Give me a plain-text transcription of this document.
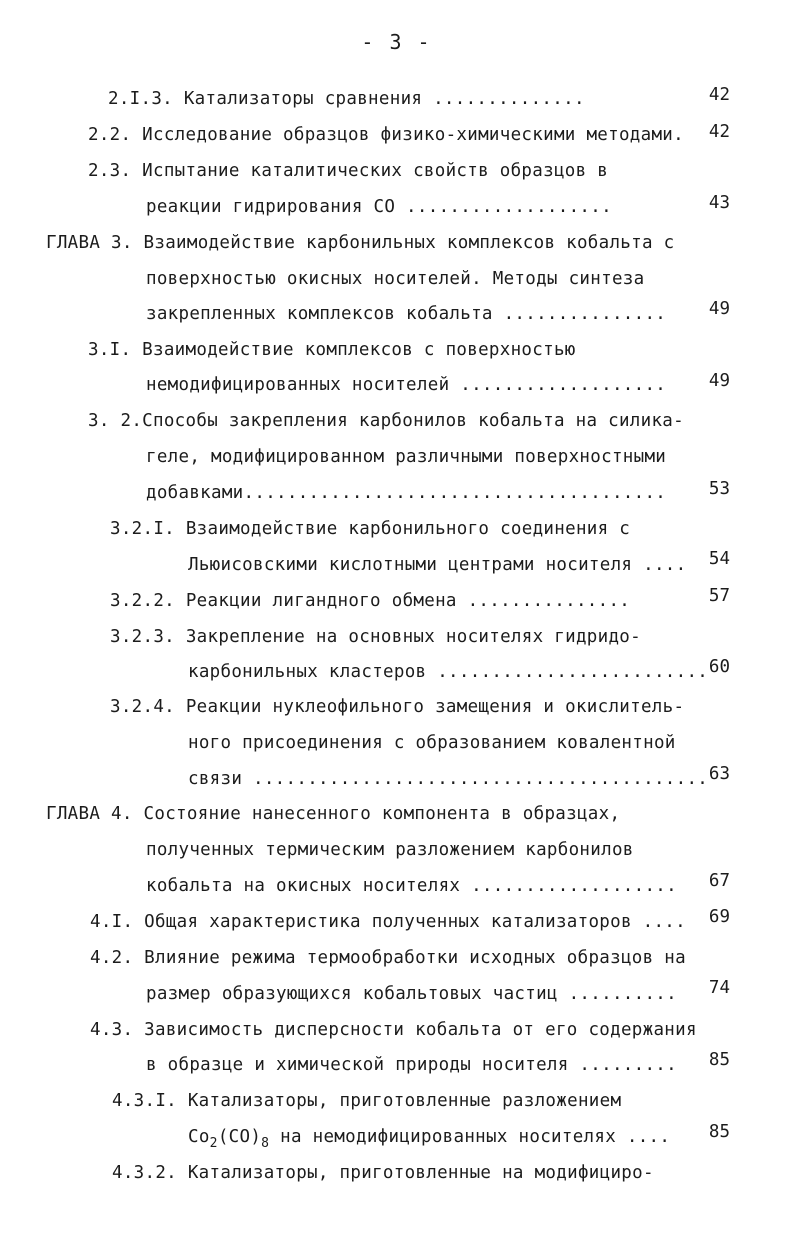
- 3 -
2.I.3. Катализаторы сравнения ..............	42
2.2. Исследование образцов физико-химическими методами.	42
2.3. Испытание каталитических свойств образцов в
реакции гидрирования СО ...................	43
ГЛАВА 3. Взаимодействие карбонильных комплексов кобальта с
поверхностью окисных носителей. Методы синтеза
закрепленных комплексов кобальта ...............	49
3.I. Взаимодействие комплексов с поверхностью
немодифицированных носителей ...................	49
3. 2.Способы закрепления карбонилов кобальта на силика-
геле, модифицированном различными поверхностными
добавками.......................................	53
3.2.I. Взаимодействие карбонильного соединения с
Льюисовскими кислотными центрами носителя ....	54
3.2.2. Реакции лигандного обмена ...............	57
3.2.3. Закрепление на основных носителях гидридо-
карбонильных кластеров ......................... 60
3.2.4. Реакции нуклеофильного замещения и окислитель-
ного присоединения с образованием ковалентной
связи .......................................... 63
ГЛАВА 4. Состояние нанесенного компонента в образцах,
полученных термическим разложением карбонилов
кобальта на окисных носителях ...................	67
4.I. Общая характеристика полученных катализаторов ....	69
4.2. Влияние режима термообработки исходных образцов на
размер образующихся кобальтовых частиц ..........	74
4.3. Зависимость дисперсности кобальта от его содержания
в образце и химической природы носителя .........	85
4.3.I. Катализаторы, приготовленные разложением
$Co_2(CO)_8$ на немодифицированных носителях ....	85
4.3.2. Катализаторы, приготовленные на модифициро-
